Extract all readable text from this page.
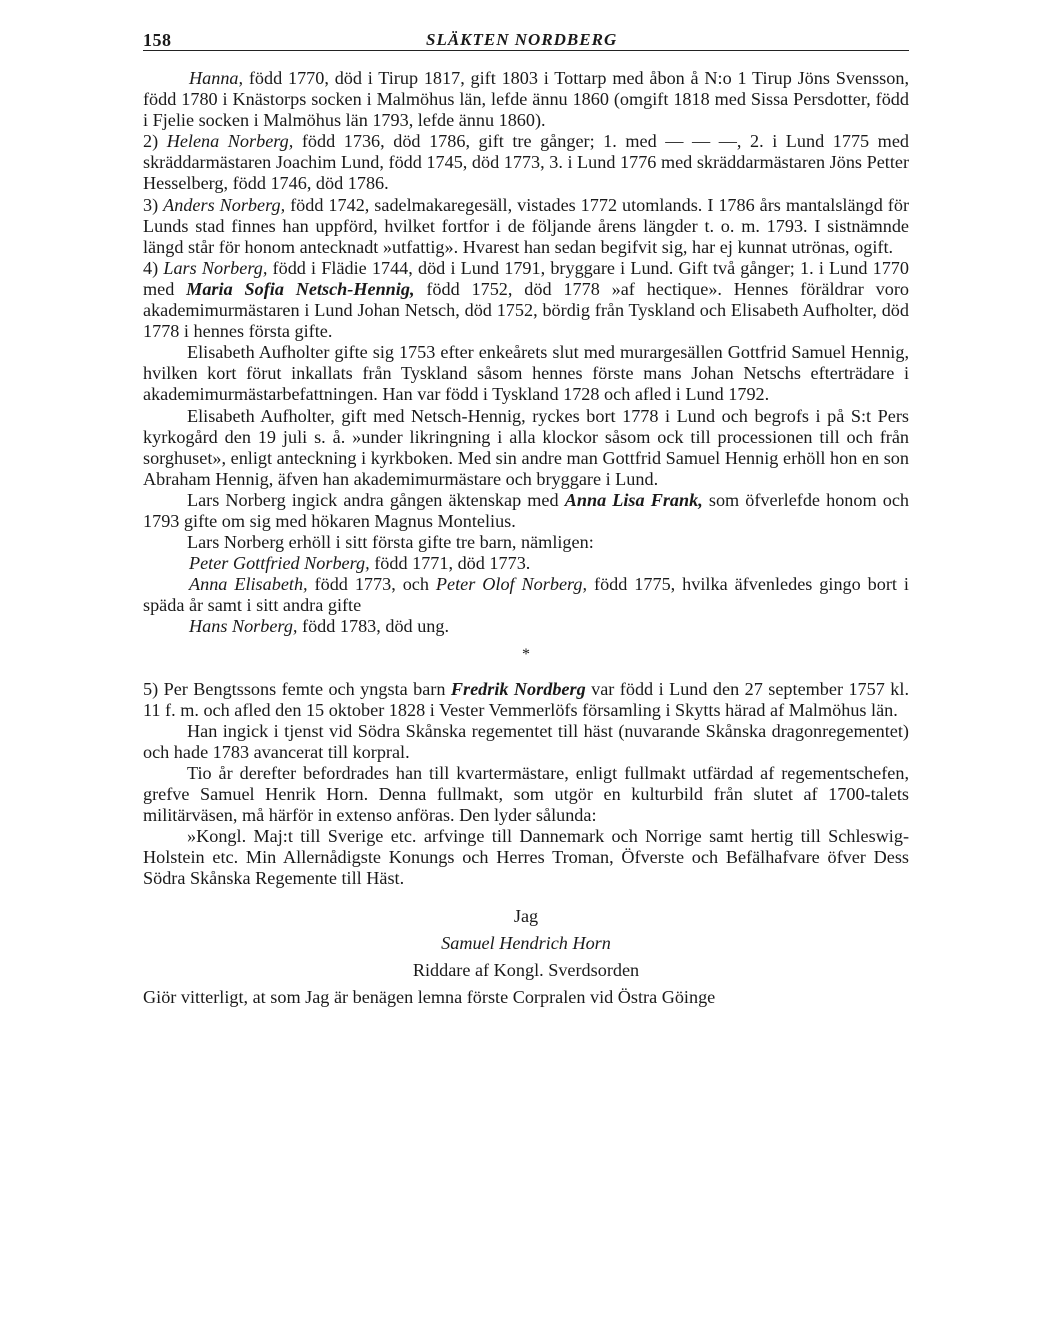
158	SLÄKTEN NORDBERG

Hanna, född 1770, död i Tirup 1817, gift 1803 i Tottarp med åbon å N:o 1 Tirup Jöns Svensson, född 1780 i Knästorps socken i Malmöhus län, lefde ännu 1860 (omgift 1818 med Sissa Persdotter, född i Fjelie socken i Malmöhus län 1793, lefde ännu 1860).

2) Helena Norberg, född 1736, död 1786, gift tre gånger; 1. med — — —, 2. i Lund 1775 med skräddarmästaren Joachim Lund, född 1745, död 1773, 3. i Lund 1776 med skräddarmästaren Jöns Petter Hesselberg, född 1746, död 1786.

3) Anders Norberg, född 1742, sadelmakaregesäll, vistades 1772 utomlands. I 1786 års mantalslängd för Lunds stad finnes han uppförd, hvilket fortfor i de följande årens längder t. o. m. 1793. I sistnämnde längd står för honom antecknadt »utfattig». Hvarest han sedan begifvit sig, har ej kunnat utrönas, ogift.

4) Lars Norberg, född i Flädie 1744, död i Lund 1791, bryggare i Lund. Gift två gånger; 1. i Lund 1770 med Maria Sofia Netsch-Hennig, född 1752, död 1778 »af hectique». Hennes föräldrar voro akademimurmästaren i Lund Johan Netsch, död 1752, bördig från Tyskland och Elisabeth Aufholter, död 1778 i hennes första gifte.

Elisabeth Aufholter gifte sig 1753 efter enkeårets slut med murargesällen Gottfrid Samuel Hennig, hvilken kort förut inkallats från Tyskland såsom hennes förste mans Johan Netschs efterträdare i akademimurmästarbefattningen. Han var född i Tyskland 1728 och afled i Lund 1792.

Elisabeth Aufholter, gift med Netsch-Hennig, ryckes bort 1778 i Lund och begrofs i på S:t Pers kyrkogård den 19 juli s. å. »under likringning i alla klockor såsom ock till processionen till och från sorghuset», enligt anteckning i kyrkboken. Med sin andre man Gottfrid Samuel Hennig erhöll hon en son Abraham Hennig, äfven han akademimurmästare och bryggare i Lund.

Lars Norberg ingick andra gången äktenskap med Anna Lisa Frank, som öfverlefde honom och 1793 gifte om sig med hökaren Magnus Montelius.

Lars Norberg erhöll i sitt första gifte tre barn, nämligen:

Peter Gottfried Norberg, född 1771, död 1773.

Anna Elisabeth, född 1773, och Peter Olof Norberg, född 1775, hvilka äfvenledes gingo bort i späda år samt i sitt andra gifte

Hans Norberg, född 1783, död ung.

*

5) Per Bengtssons femte och yngsta barn Fredrik Nordberg var född i Lund den 27 september 1757 kl. 11 f. m. och afled den 15 oktober 1828 i Vester Vemmerlöfs församling i Skytts härad af Malmöhus län.

Han ingick i tjenst vid Södra Skånska regementet till häst (nuvarande Skånska dragonregementet) och hade 1783 avancerat till korpral.

Tio år derefter befordrades han till kvartermästare, enligt fullmakt utfärdad af regementschefen, grefve Samuel Henrik Horn. Denna fullmakt, som utgör en kulturbild från slutet af 1700-talets militärväsen, må härför in extenso anföras. Den lyder sålunda:

»Kongl. Maj:t till Sverige etc. arfvinge till Dannemark och Norrige samt hertig till Schleswig-Holstein etc. Min Allernådigste Konungs och Herres Troman, Öfverste och Befälhafvare öfver Dess Södra Skånska Regemente till Häst.

Jag

Samuel Hendrich Horn

Riddare af Kongl. Sverdsorden

Giör vitterligt, at som Jag är benägen lemna förste Corpralen vid Östra Göinge
